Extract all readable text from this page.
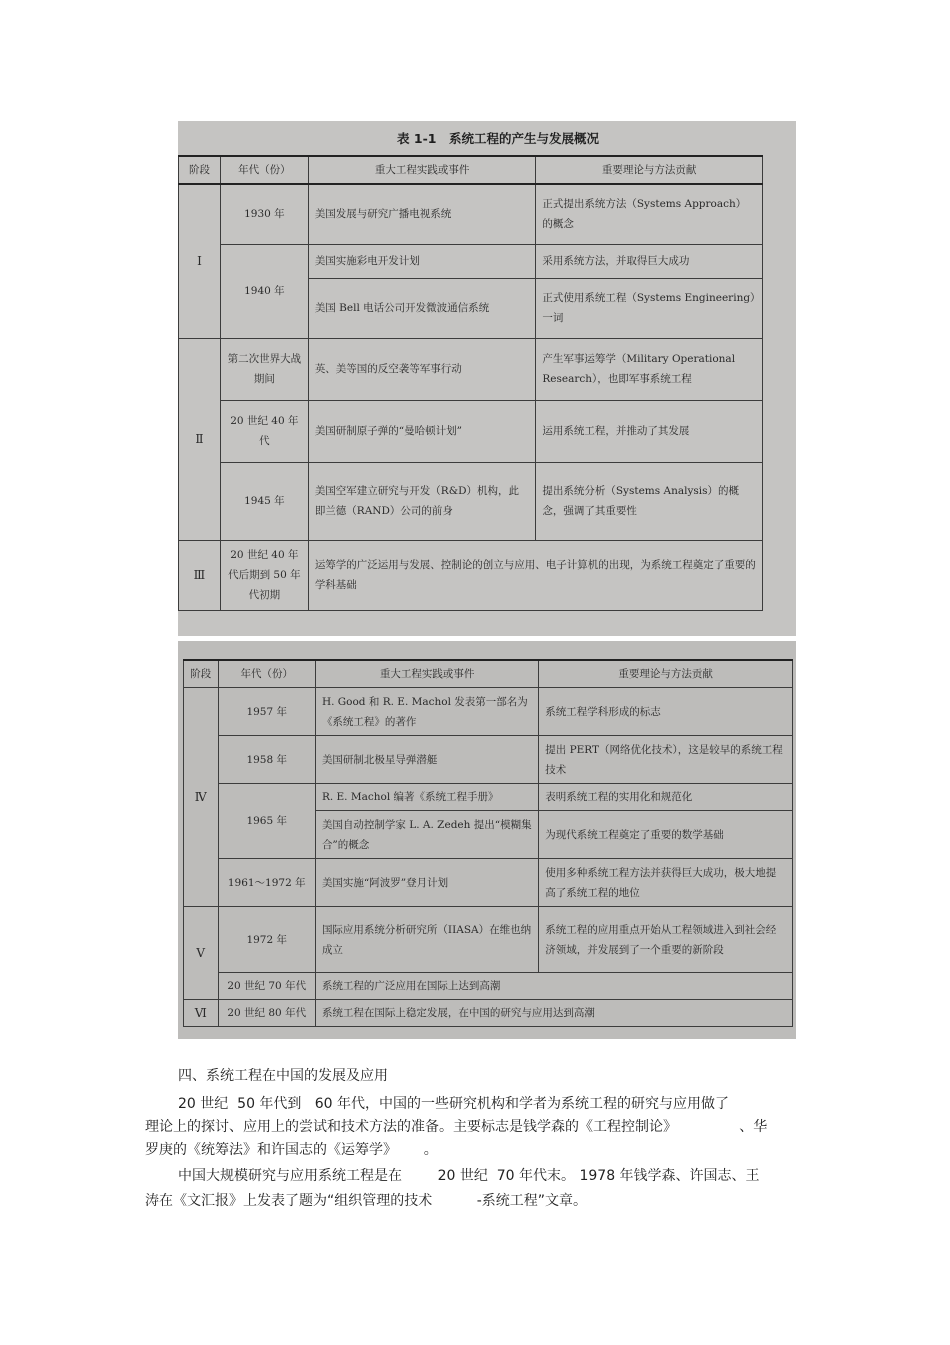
表 1-1　系统工程的产生与发展概况
阶段	年代（份）	重大工程实践或事件	重要理论与方法贡献
I	1930 年	美国发展与研究广播电视系统	正式提出系统方法（Systems Approach）的概念
	1940 年	美国实施彩电开发计划	采用系统方法，并取得巨大成功
		美国 Bell 电话公司开发微波通信系统	正式使用系统工程（Systems Engineering）一词
Ⅱ	第二次世界大战期间	英、美等国的反空袭等军事行动	产生军事运筹学（Military Operational Research），也即军事系统工程
	20 世纪 40 年代	美国研制原子弹的“曼哈顿计划”	运用系统工程，并推动了其发展
	1945 年	美国空军建立研究与开发（R&D）机构，此即兰德（RAND）公司的前身	提出系统分析（Systems Analysis）的概念，强调了其重要性
Ⅲ	20 世纪 40 年代后期到 50 年代初期	运筹学的广泛运用与发展、控制论的创立与应用、电子计算机的出现，为系统工程奠定了重要的学科基础	
阶段	年代（份）	重大工程实践或事件	重要理论与方法贡献
Ⅳ	1957 年	H. Good 和 R. E. Machol 发表第一部名为《系统工程》的著作	系统工程学科形成的标志
	1958 年	美国研制北极星导弹潜艇	提出 PERT（网络优化技术），这是较早的系统工程技术
	1965 年	R. E. Machol 编著《系统工程手册》	表明系统工程的实用化和规范化
		美国自动控制学家 L. A. Zedeh 提出“模糊集合”的概念	为现代系统工程奠定了重要的数学基础
	1961～1972 年	美国实施“阿波罗”登月计划	使用多种系统工程方法并获得巨大成功，极大地提高了系统工程的地位
Ⅴ	1972 年	国际应用系统分析研究所（IIASA）在维也纳成立	系统工程的应用重点开始从工程领域进入到社会经济领域，并发展到了一个重要的新阶段
	20 世纪 70 年代	系统工程的广泛应用在国际上达到高潮	
Ⅵ	20 世纪 80 年代	系统工程在国际上稳定发展，在中国的研究与应用达到高潮	
四、系统工程在中国的发展及应用
20 世纪  50 年代到   60 年代，中国的一些研究机构和学者为系统工程的研究与应用做了
理论上的探讨、应用上的尝试和技术方法的准备。主要标志是钱学森的《工程控制论》              、华
罗庚的《统筹法》和许国志的《运筹学》      。
中国大规模研究与应用系统工程是在        20 世纪  70 年代末。 1978 年钱学森、许国志、王
涛在《文汇报》上发表了题为“组织管理的技术          -系统工程”文章。
